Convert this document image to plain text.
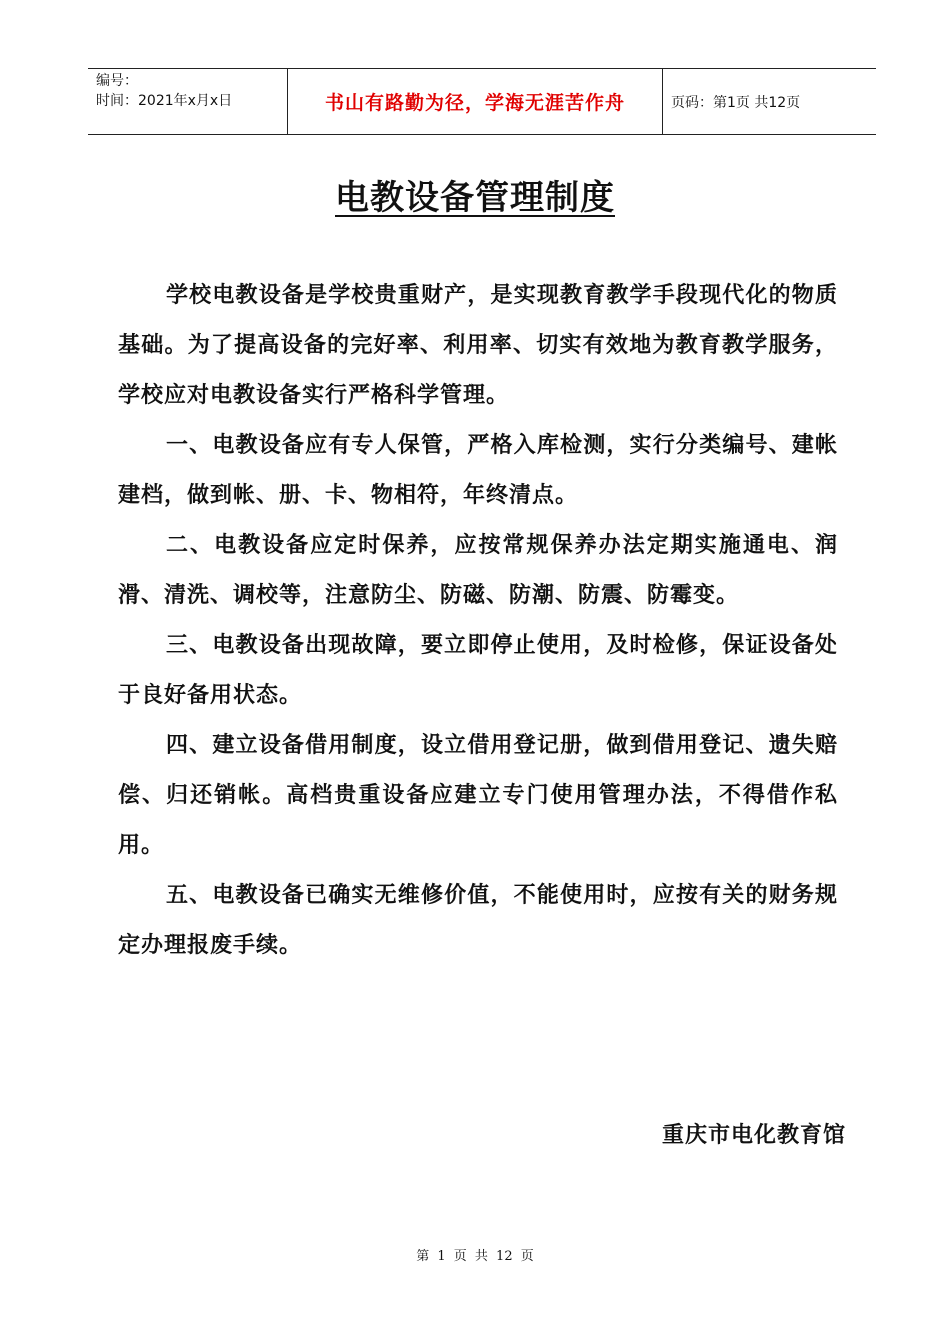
编号：
时间：2021年x月x日	书山有路勤为径，学海无涯苦作舟	页码：第1页 共12页
电教设备管理制度

学校电教设备是学校贵重财产，是实现教育教学手段现代化的物质基础。为了提高设备的完好率、利用率、切实有效地为教育教学服务，学校应对电教设备实行严格科学管理。

一、电教设备应有专人保管，严格入库检测，实行分类编号、建帐建档，做到帐、册、卡、物相符，年终清点。

二、电教设备应定时保养，应按常规保养办法定期实施通电、润滑、清洗、调校等，注意防尘、防磁、防潮、防震、防霉变。

三、电教设备出现故障，要立即停止使用，及时检修，保证设备处于良好备用状态。

四、建立设备借用制度，设立借用登记册，做到借用登记、遗失赔偿、归还销帐。高档贵重设备应建立专门使用管理办法，不得借作私用。

五、电教设备已确实无维修价值，不能使用时，应按有关的财务规定办理报废手续。

重庆市电化教育馆
第 1 页 共 12 页
